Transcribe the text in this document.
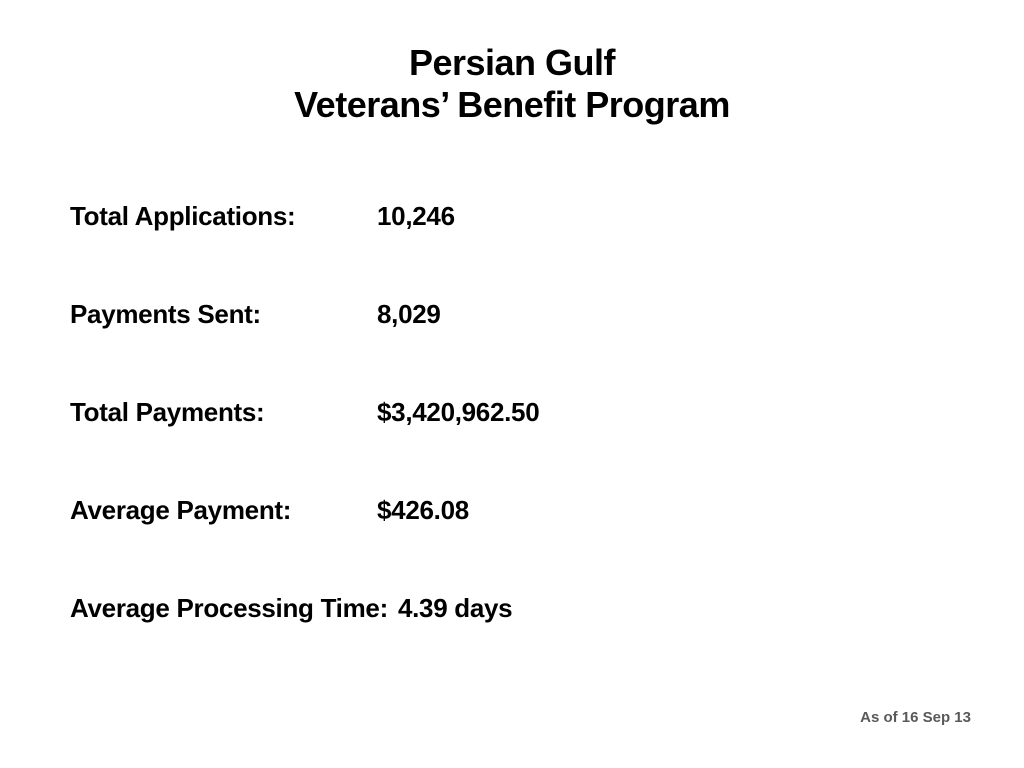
Persian Gulf
Veterans’ Benefit Program
Total Applications:	10,246
Payments Sent:	8,029
Total Payments:	$3,420,962.50
Average Payment:	$426.08
Average Processing Time: 4.39 days
As of 16 Sep 13
